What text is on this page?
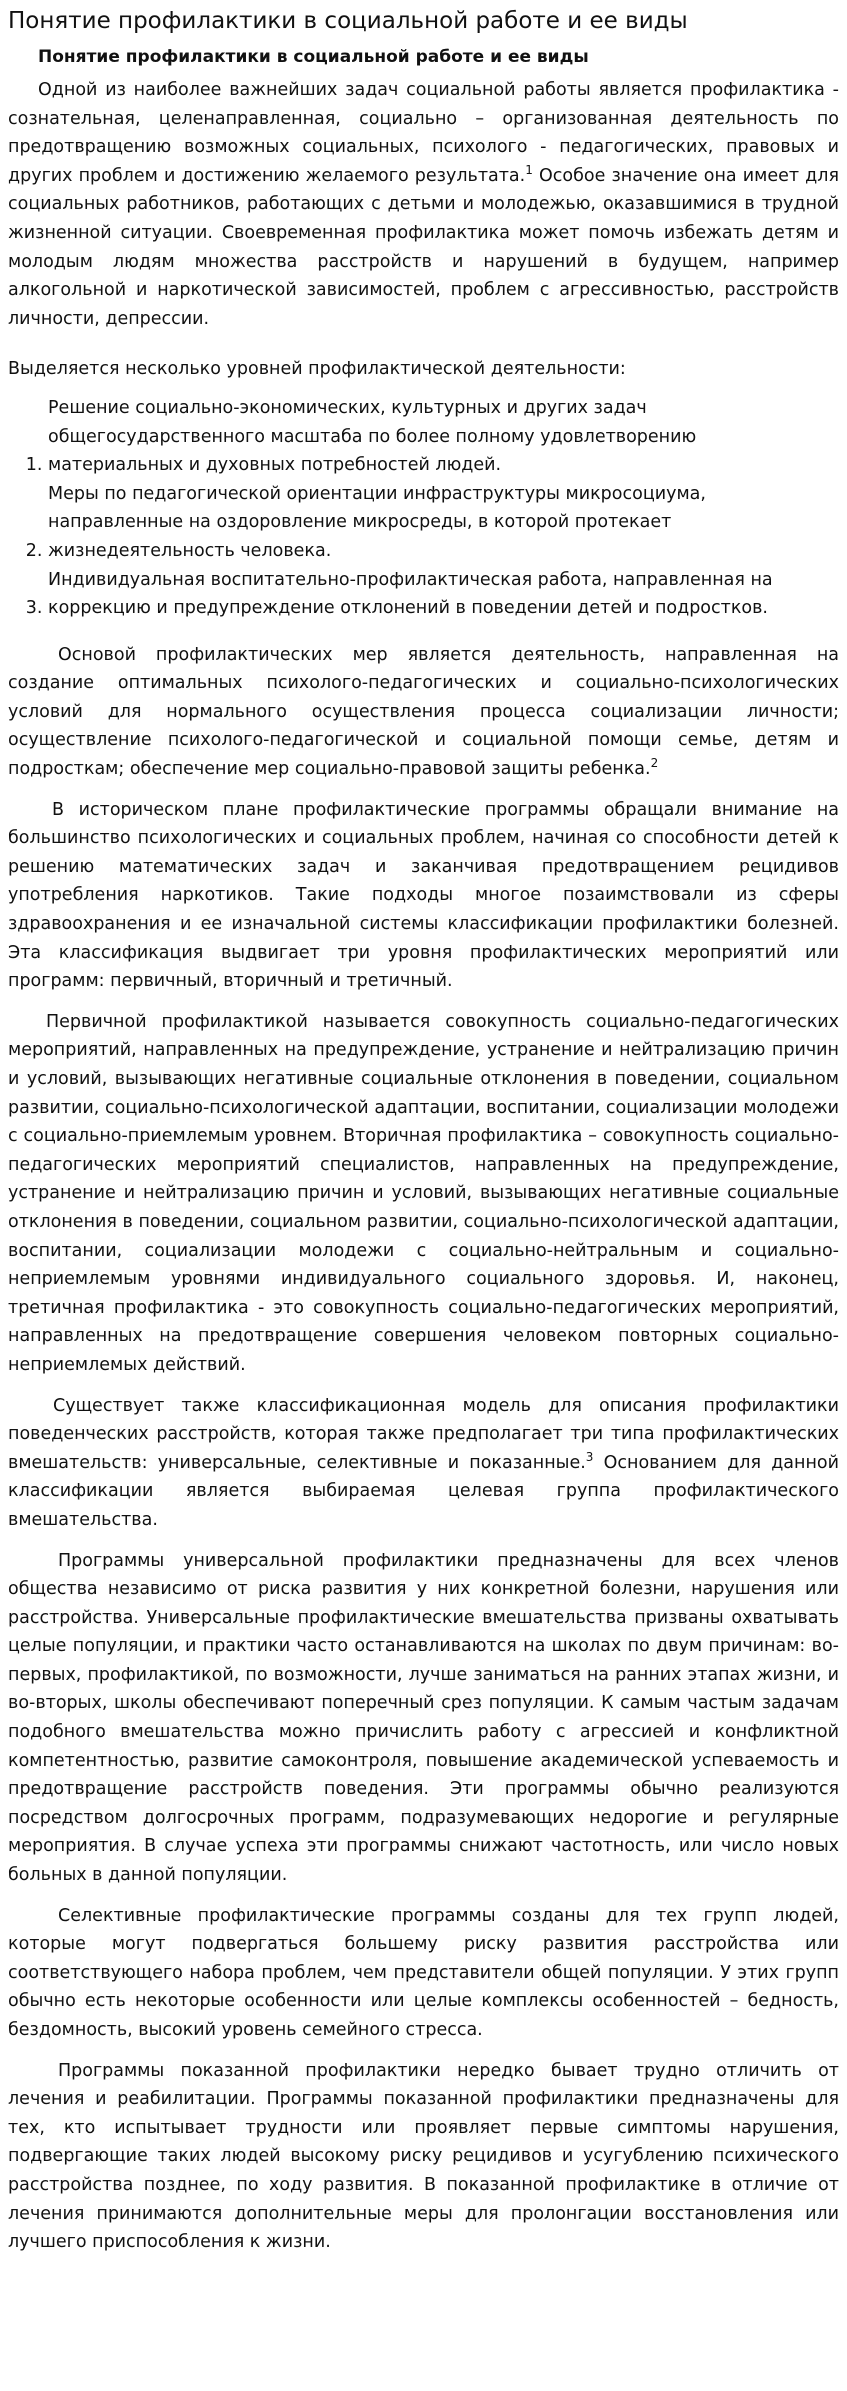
Понятие профилактики в социальной работе и ее виды
Понятие профилактики в социальной работе и ее виды

Одной из наиболее важнейших задач социальной работы является профилактика - сознательная, целенаправленная, социально – организованная деятельность по предотвращению возможных социальных, психолого - педагогических, правовых и других проблем и достижению желаемого результата.$^1$ Особое значение она имеет для социальных работников, работающих с детьми и молодежью, оказавшимися в трудной жизненной ситуации. Своевременная профилактика может помочь избежать детям и молодым людям множества расстройств и нарушений в будущем, например алкогольной и наркотической зависимостей, проблем с агрессивностью, расстройств личности, депрессии.

Выделяется несколько уровней профилактической деятельности:

1. Решение социально-экономических, культурных и других задач общегосударственного масштаба по более полному удовлетворению материальных и духовных потребностей людей.
2. Меры по педагогической ориентации инфраструктуры микросоциума, направленные на оздоровление микросреды, в которой протекает жизнедеятельность человека.
3. Индивидуальная воспитательно-профилактическая работа, направленная на коррекцию и предупреждение отклонений в поведении детей и подростков.

Основой профилактических мер является деятельность, направленная на создание оптимальных психолого-педагогических и социально-психологических условий для нормального осуществления процесса социализации личности; осуществление психолого-педагогической и социальной помощи семье, детям и подросткам; обеспечение мер социально-правовой защиты ребенка.$^2$

В историческом плане профилактические программы обращали внимание на большинство психологических и социальных проблем, начиная со способности детей к решению математических задач и заканчивая предотвращением рецидивов употребления наркотиков. Такие подходы многое позаимствовали из сферы здравоохранения и ее изначальной системы классификации профилактики болезней. Эта классификация выдвигает три уровня профилактических мероприятий или программ: первичный, вторичный и третичный.

Первичной профилактикой называется совокупность социально-педагогических мероприятий, направленных на предупреждение, устранение и нейтрализацию причин и условий, вызывающих негативные социальные отклонения в поведении, социальном развитии, социально-психологической адаптации, воспитании, социализации молодежи с социально-приемлемым уровнем. Вторичная профилактика – совокупность социально-педагогических мероприятий специалистов, направленных на предупреждение, устранение и нейтрализацию причин и условий, вызывающих негативные социальные отклонения в поведении, социальном развитии, социально-психологической адаптации, воспитании, социализации молодежи с социально-нейтральным и социально-неприемлемым уровнями индивидуального социального здоровья. И, наконец, третичная профилактика - это совокупность социально-педагогических мероприятий, направленных на предотвращение совершения человеком повторных социально-неприемлемых действий.

Существует также классификационная модель для описания профилактики поведенческих расстройств, которая также предполагает три типа профилактических вмешательств: универсальные, селективные и показанные.$^3$ Основанием для данной классификации является выбираемая целевая группа профилактического вмешательства.

Программы универсальной профилактики предназначены для всех членов общества независимо от риска развития у них конкретной болезни, нарушения или расстройства. Универсальные профилактические вмешательства призваны охватывать целые популяции, и практики часто останавливаются на школах по двум причинам: во-первых, профилактикой, по возможности, лучше заниматься на ранних этапах жизни, и во-вторых, школы обеспечивают поперечный срез популяции. К самым частым задачам подобного вмешательства можно причислить работу с агрессией и конфликтной компетентностью, развитие самоконтроля, повышение академической успеваемость и предотвращение расстройств поведения. Эти программы обычно реализуются посредством долгосрочных программ, подразумевающих недорогие и регулярные мероприятия. В случае успеха эти программы снижают частотность, или число новых больных в данной популяции.

Селективные профилактические программы созданы для тех групп людей, которые могут подвергаться большему риску развития расстройства или соответствующего набора проблем, чем представители общей популяции. У этих групп обычно есть некоторые особенности или целые комплексы особенностей – бедность, бездомность, высокий уровень семейного стресса.

Программы показанной профилактики нередко бывает трудно отличить от лечения и реабилитации. Программы показанной профилактики предназначены для тех, кто испытывает трудности или проявляет первые симптомы нарушения, подвергающие таких людей высокому риску рецидивов и усугублению психического расстройства позднее, по ходу развития. В показанной профилактике в отличие от лечения принимаются дополнительные меры для пролонгации восстановления или лучшего приспособления к жизни.
